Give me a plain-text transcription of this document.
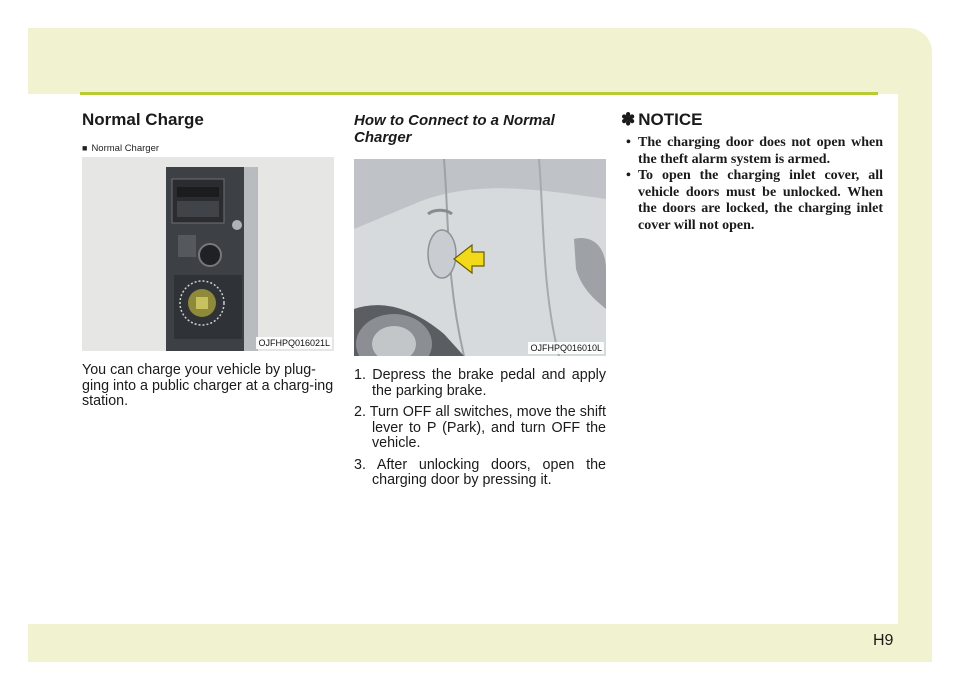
Normal Charge
■ Normal Charger
OJFHPQ016021L

You can charge your vehicle by plug-ging into a public charger at a charg-ing station.

How to Connect to a Normal Charger
OJFHPQ016010L
1. Depress the brake pedal and apply the parking brake.
2. Turn OFF all switches, move the shift lever to P (Park), and turn OFF the vehicle.
3. After unlocking doors, open the charging door by pressing it.
✽ NOTICE
• The charging door does not open when the theft alarm system is armed.
• To open the charging inlet cover, all vehicle doors must be unlocked. When the doors are locked, the charging inlet cover will not open.
H9
